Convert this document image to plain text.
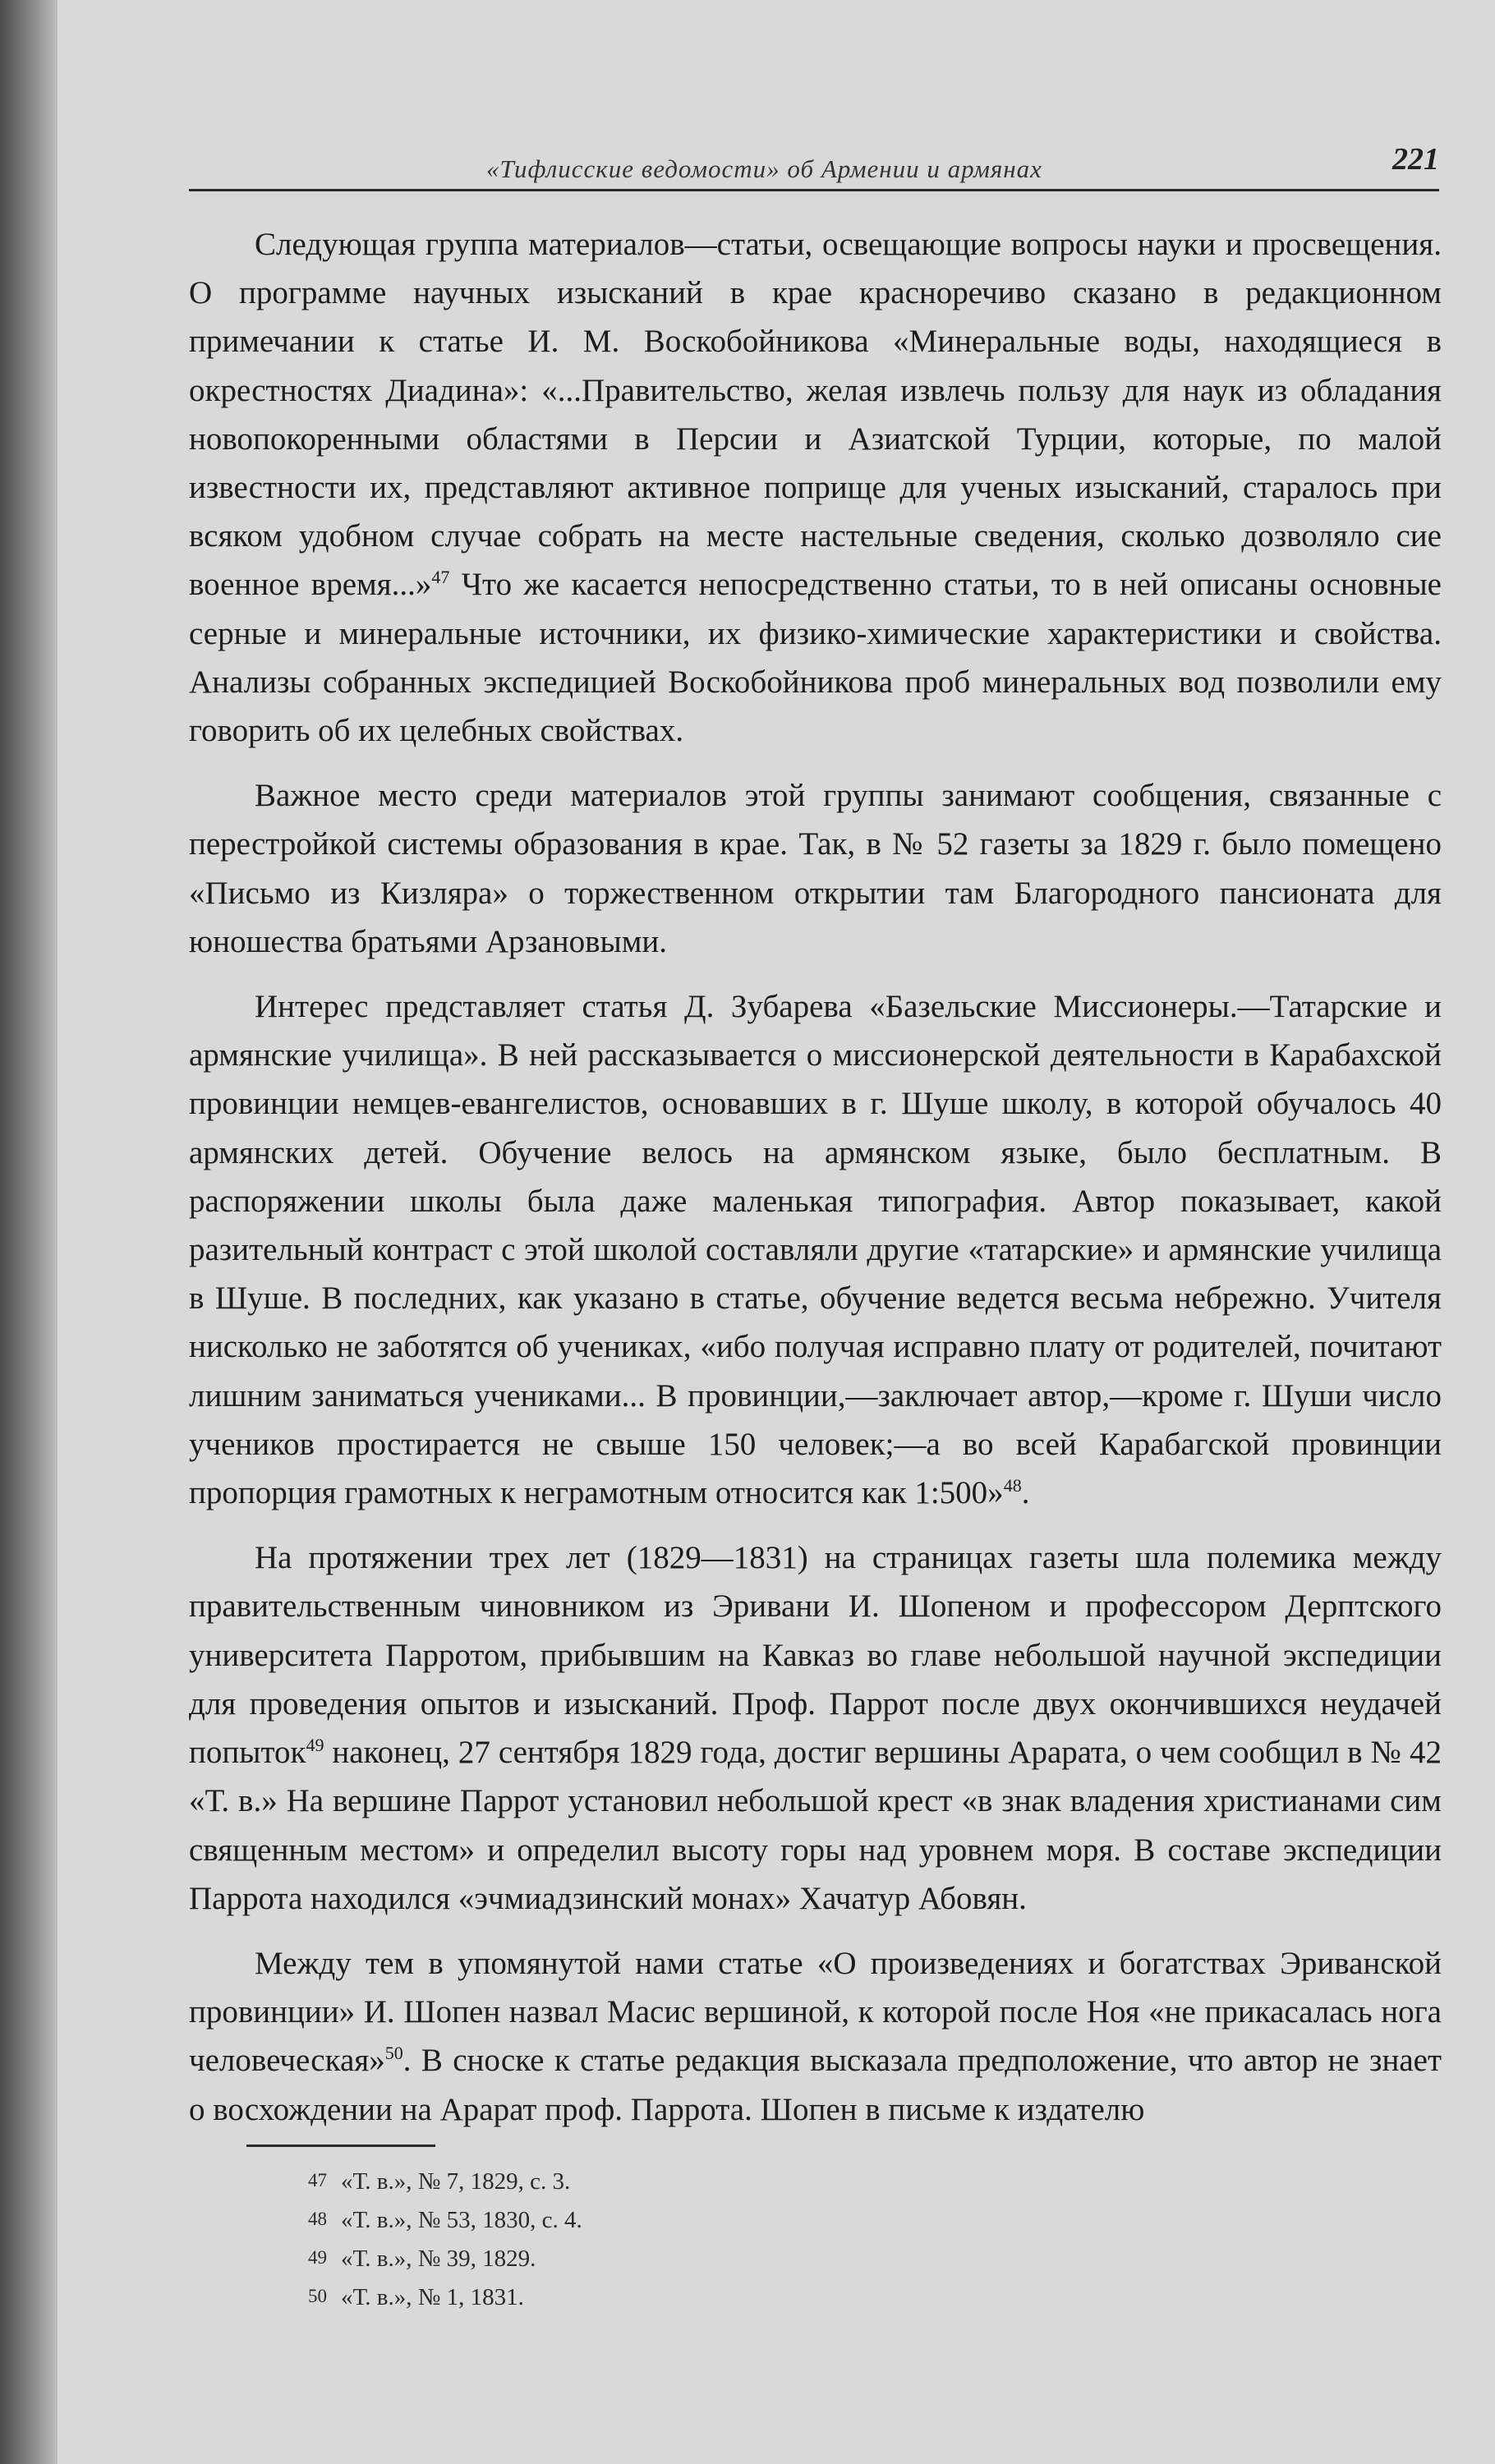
«Тифлисские ведомости» об Армении и армянах	221

Следующая группа материалов—статьи, освещающие вопросы науки и просвещения. О программе научных изысканий в крае красноречиво сказано в редакционном примечании к статье И. М. Воскобойникова «Минеральные воды, находящиеся в окрестностях Диадина»: «...Правительство, желая извлечь пользу для наук из обладания новопокоренными областями в Персии и Азиатской Турции, которые, по малой известности их, представляют активное поприще для ученых изысканий, старалось при всяком удобном случае собрать на месте настельные сведения, сколько дозволяло сие военное время...»$^{47}$ Что же касается непосредственно статьи, то в ней описаны основные серные и минеральные источники, их физико-химические характеристики и свойства. Анализы собранных экспедицией Воскобойникова проб минеральных вод позволили ему говорить об их целебных свойствах.

Важное место среди материалов этой группы занимают сообщения, связанные с перестройкой системы образования в крае. Так, в № 52 газеты за 1829 г. было помещено «Письмо из Кизляра» о торжественном открытии там Благородного пансионата для юношества братьями Арзановыми.

Интерес представляет статья Д. Зубарева «Базельские Миссионеры.—Татарские и армянские училища». В ней рассказывается о миссионерской деятельности в Карабахской провинции немцев-евангелистов, основавших в г. Шуше школу, в которой обучалось 40 армянских детей. Обучение велось на армянском языке, было бесплатным. В распоряжении школы была даже маленькая типография. Автор показывает, какой разительный контраст с этой школой составляли другие «татарские» и армянские училища в Шуше. В последних, как указано в статье, обучение ведется весьма небрежно. Учителя нисколько не заботятся об учениках, «ибо получая исправно плату от родителей, почитают лишним заниматься учениками... В провинции,—заключает автор,—кроме г. Шуши число учеников простирается не свыше 150 человек;—а во всей Карабагской провинции пропорция грамотных к неграмотным относится как 1:500»$^{48}$.

На протяжении трех лет (1829—1831) на страницах газеты шла полемика между правительственным чиновником из Эривани И. Шопеном и профессором Дерптского университета Парротом, прибывшим на Кавказ во главе небольшой научной экспедиции для проведения опытов и изысканий. Проф. Паррот после двух окончившихся неудачей попыток$^{49}$ наконец, 27 сентября 1829 года, достиг вершины Арарата, о чем сообщил в № 42 «Т. в.» На вершине Паррот установил небольшой крест «в знак владения христианами сим священным местом» и определил высоту горы над уровнем моря. В составе экспедиции Паррота находился «эчмиадзинский монах» Хачатур Абовян.

Между тем в упомянутой нами статье «О произведениях и богатствах Эриванской провинции» И. Шопен назвал Масис вершиной, к которой после Ноя «не прикасалась нога человеческая»$^{50}$. В сноске к статье редакция высказала предположение, что автор не знает о восхождении на Арарат проф. Паррота. Шопен в письме к издателю

47 «Т. в.», № 7, 1829, с. 3.
48 «Т. в.», № 53, 1830, с. 4.
49 «Т. в.», № 39, 1829.
50 «Т. в.», № 1, 1831.
